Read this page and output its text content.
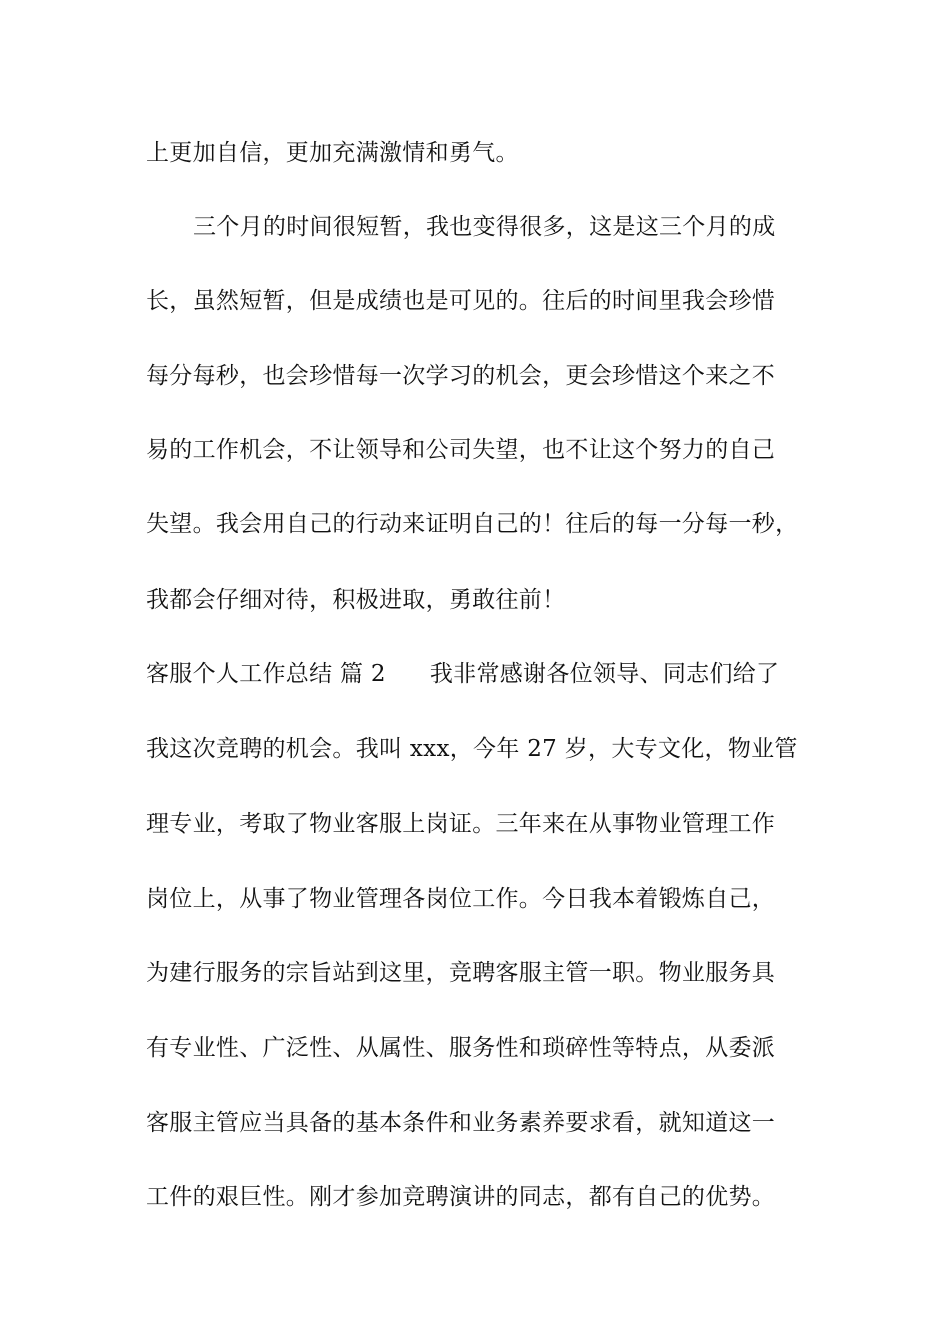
上更加自信，更加充满激情和勇气。
三个月的时间很短暂，我也变得很多，这是这三个月的成
长，虽然短暂，但是成绩也是可见的。往后的时间里我会珍惜
每分每秒，也会珍惜每一次学习的机会，更会珍惜这个来之不
易的工作机会，不让领导和公司失望，也不让这个努力的自己
失望。我会用自己的行动来证明自己的！往后的每一分每一秒，
我都会仔细对待，积极进取，勇敢往前！
客服个人工作总结 篇 2 我非常感谢各位领导、同志们给了
我这次竞聘的机会。我叫 xxx，今年 27 岁，大专文化，物业管
理专业，考取了物业客服上岗证。三年来在从事物业管理工作
岗位上，从事了物业管理各岗位工作。今日我本着锻炼自己，
为建行服务的宗旨站到这里，竞聘客服主管一职。物业服务具
有专业性、广泛性、从属性、服务性和琐碎性等特点，从委派
客服主管应当具备的基本条件和业务素养要求看，就知道这一
工件的艰巨性。刚才参加竞聘演讲的同志，都有自己的优势。
